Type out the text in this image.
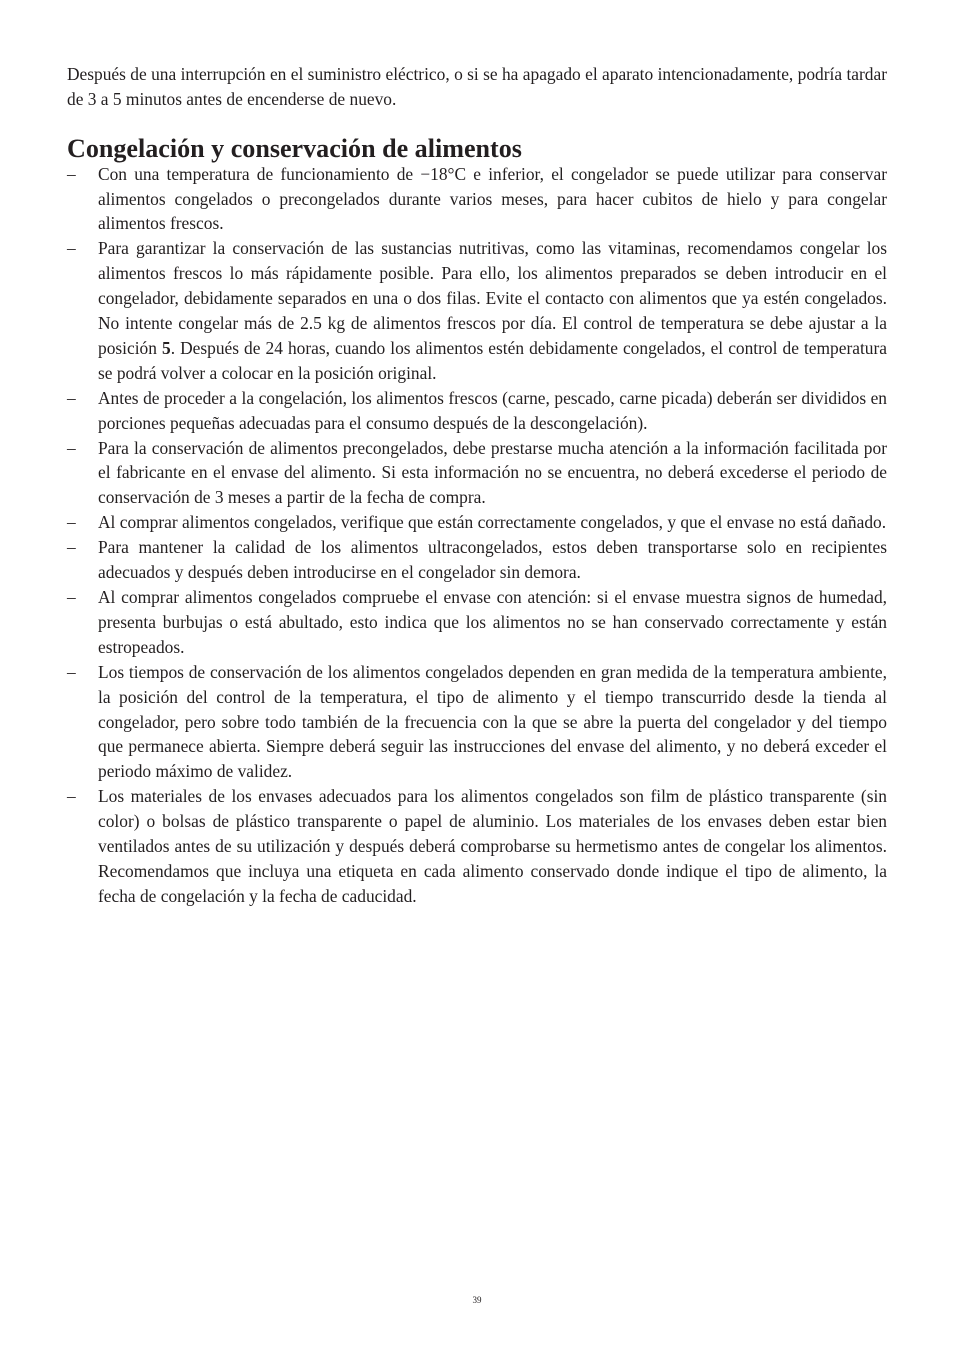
Después de una interrupción en el suministro eléctrico, o si se ha apagado el aparato intencionadamente, podría tardar de 3 a 5 minutos antes de encenderse de nuevo.

Congelación y conservación de alimentos
– Con una temperatura de funcionamiento de −18°C e inferior, el congelador se puede utilizar para conservar alimentos congelados o precongelados durante varios meses, para hacer cubitos de hielo y para congelar alimentos frescos.
– Para garantizar la conservación de las sustancias nutritivas, como las vitaminas, recomendamos congelar los alimentos frescos lo más rápidamente posible. Para ello, los alimentos preparados se deben introducir en el congelador, debidamente separados en una o dos filas. Evite el contacto con alimentos que ya estén congelados. No intente congelar más de 2.5 kg de alimentos frescos por día. El control de temperatura se debe ajustar a la posición 5. Después de 24 horas, cuando los alimentos estén debidamente congelados, el control de temperatura se podrá volver a colocar en la posición original.
– Antes de proceder a la congelación, los alimentos frescos (carne, pescado, carne picada) deberán ser divididos en porciones pequeñas adecuadas para el consumo después de la descongelación).
– Para la conservación de alimentos precongelados, debe prestarse mucha atención a la información facilitada por el fabricante en el envase del alimento. Si esta información no se encuentra, no deberá excederse el periodo de conservación de 3 meses a partir de la fecha de compra.
– Al comprar alimentos congelados, verifique que están correctamente congelados, y que el envase no está dañado.
– Para mantener la calidad de los alimentos ultracongelados, estos deben transportarse solo en recipientes adecuados y después deben introducirse en el congelador sin demora.
– Al comprar alimentos congelados compruebe el envase con atención: si el envase muestra signos de humedad, presenta burbujas o está abultado, esto indica que los alimentos no se han conservado correctamente y están estropeados.
– Los tiempos de conservación de los alimentos congelados dependen en gran medida de la temperatura ambiente, la posición del control de la temperatura, el tipo de alimento y el tiempo transcurrido desde la tienda al congelador, pero sobre todo también de la frecuencia con la que se abre la puerta del congelador y del tiempo que permanece abierta. Siempre deberá seguir las instrucciones del envase del alimento, y no deberá exceder el periodo máximo de validez.
– Los materiales de los envases adecuados para los alimentos congelados son film de plástico transparente (sin color) o bolsas de plástico transparente o papel de aluminio. Los materiales de los envases deben estar bien ventilados antes de su utilización y después deberá comprobarse su hermetismo antes de congelar los alimentos. Recomendamos que incluya una etiqueta en cada alimento conservado donde indique el tipo de alimento, la fecha de congelación y la fecha de caducidad.
39
